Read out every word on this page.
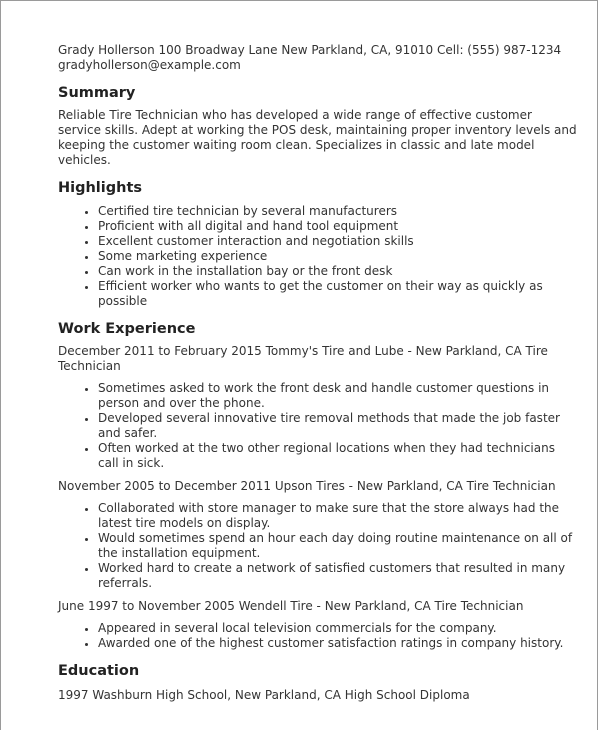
Grady Hollerson 100 Broadway Lane New Parkland, CA, 91010 Cell: (555) 987-1234

gradyhollerson@example.com

Summary

Reliable Tire Technician who has developed a wide range of effective customer service skills. Adept at working the POS desk, maintaining proper inventory levels and keeping the customer waiting room clean. Specializes in classic and late model vehicles.

Highlights
• Certified tire technician by several manufacturers
• Proficient with all digital and hand tool equipment
• Excellent customer interaction and negotiation skills
• Some marketing experience
• Can work in the installation bay or the front desk
• Efficient worker who wants to get the customer on their way as quickly as possible
Work Experience

December 2011 to February 2015 Tommy's Tire and Lube - New Parkland, CA Tire Technician

• Sometimes asked to work the front desk and handle customer questions in person and over the phone.
• Developed several innovative tire removal methods that made the job faster and safer.
• Often worked at the two other regional locations when they had technicians call in sick.

November 2005 to December 2011 Upson Tires - New Parkland, CA Tire Technician

• Collaborated with store manager to make sure that the store always had the latest tire models on display.
• Would sometimes spend an hour each day doing routine maintenance on all of the installation equipment.
• Worked hard to create a network of satisfied customers that resulted in many referrals.

June 1997 to November 2005 Wendell Tire - New Parkland, CA Tire Technician

• Appeared in several local television commercials for the company.
• Awarded one of the highest customer satisfaction ratings in company history.
Education

1997 Washburn High School, New Parkland, CA High School Diploma
